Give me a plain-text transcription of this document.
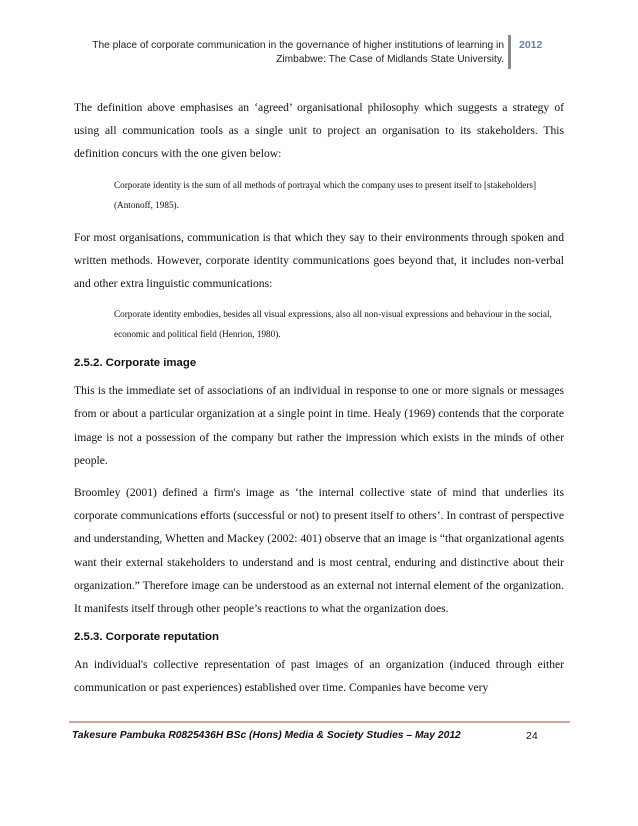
The place of corporate communication in the governance of higher institutions of learning in
Zimbabwe: The Case of Midlands State University.
2012

The definition above emphasises an ‘agreed’ organisational philosophy which suggests a strategy of using all communication tools as a single unit to project an organisation to its stakeholders. This definition concurs with the one given below:

Corporate identity is the sum of all methods of portrayal which the company uses to present itself to [stakeholders] (Antonoff, 1985).

For most organisations, communication is that which they say to their environments through spoken and written methods. However, corporate identity communications goes beyond that, it includes non-verbal and other extra linguistic communications:

Corporate identity embodies, besides all visual expressions, also all non-visual expressions and behaviour in the social, economic and political field (Henrion, 1980).

2.5.2. Corporate image

This is the immediate set of associations of an individual in response to one or more signals or messages from or about a particular organization at a single point in time. Healy (1969) contends that the corporate image is not a possession of the company but rather the impression which exists in the minds of other people.

Broomley (2001) defined a firm's image as ‘the internal collective state of mind that underlies its corporate communications efforts (successful or not) to present itself to others’. In contrast of perspective and understanding, Whetten and Mackey (2002: 401) observe that an image is “that organizational agents want their external stakeholders to understand and is most central, enduring and distinctive about their organization.” Therefore image can be understood as an external not internal element of the organization. It manifests itself through other people’s reactions to what the organization does.

2.5.3. Corporate reputation

An individual's collective representation of past images of an organization (induced through either communication or past experiences) established over time. Companies have become very

Takesure Pambuka R0825436H BSc (Hons) Media & Society Studies – May 2012	24
